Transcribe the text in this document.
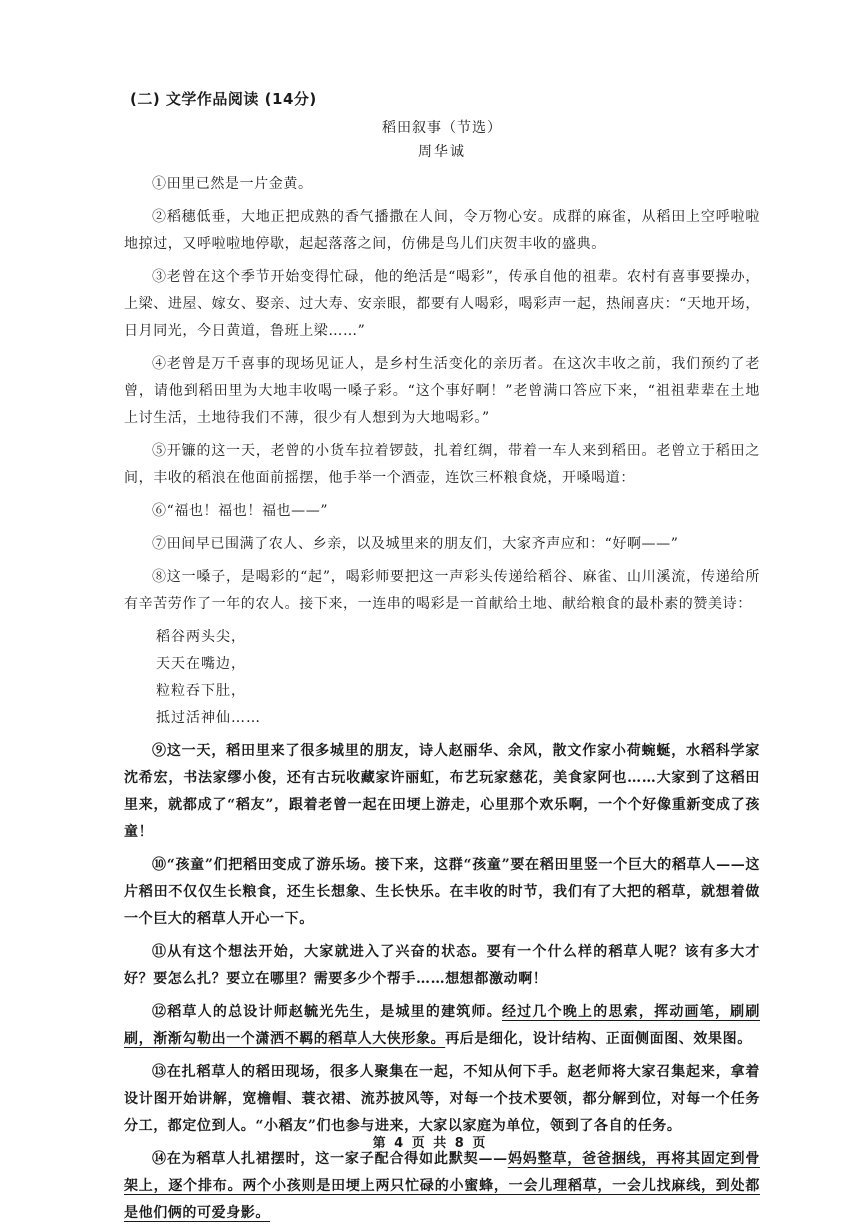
(二) 文学作品阅读 (14分)
稻田叙事（节选）
周华诚

①田里已然是一片金黄。

②稻穗低垂，大地正把成熟的香气播撒在人间，令万物心安。成群的麻雀，从稻田上空呼啦啦地掠过，又呼啦啦地停歇，起起落落之间，仿佛是鸟儿们庆贺丰收的盛典。

③老曾在这个季节开始变得忙碌，他的绝活是“喝彩”，传承自他的祖辈。农村有喜事要操办，上梁、进屋、嫁女、娶亲、过大寿、安亲眼，都要有人喝彩，喝彩声一起，热闹喜庆：“天地开场，日月同光，今日黄道，鲁班上梁……”

④老曾是万千喜事的现场见证人，是乡村生活变化的亲历者。在这次丰收之前，我们预约了老曾，请他到稻田里为大地丰收喝一嗓子彩。“这个事好啊！”老曾满口答应下来，“祖祖辈辈在土地上讨生活，土地待我们不薄，很少有人想到为大地喝彩。”

⑤开镰的这一天，老曾的小货车拉着锣鼓，扎着红绸，带着一车人来到稻田。老曾立于稻田之间，丰收的稻浪在他面前摇摆，他手举一个酒壶，连饮三杯粮食烧，开嗓喝道：

⑥“福也！福也！福也——”

⑦田间早已围满了农人、乡亲，以及城里来的朋友们，大家齐声应和：“好啊——”

⑧这一嗓子，是喝彩的“起”，喝彩师要把这一声彩头传递给稻谷、麻雀、山川溪流，传递给所有辛苦劳作了一年的农人。接下来，一连串的喝彩是一首献给土地、献给粮食的最朴素的赞美诗：

稻谷两头尖，
天天在嘴边，
粒粒吞下肚，
抵过活神仙……

⑨这一天，稻田里来了很多城里的朋友，诗人赵丽华、余风，散文作家小荷蜿蜒，水稻科学家沈希宏，书法家缪小俊，还有古玩收藏家许丽虹，布艺玩家慈花，美食家阿也……大家到了这稻田里来，就都成了“稻友”，跟着老曾一起在田埂上游走，心里那个欢乐啊，一个个好像重新变成了孩童！

⑩“孩童”们把稻田变成了游乐场。接下来，这群“孩童”要在稻田里竖一个巨大的稻草人——这片稻田不仅仅生长粮食，还生长想象、生长快乐。在丰收的时节，我们有了大把的稻草，就想着做一个巨大的稻草人开心一下。

⑪从有这个想法开始，大家就进入了兴奋的状态。要有一个什么样的稻草人呢？该有多大才好？要怎么扎？要立在哪里？需要多少个帮手……想想都激动啊！

⑫稻草人的总设计师赵毓光先生，是城里的建筑师。经过几个晚上的思索，挥动画笔，刷刷刷，渐渐勾勒出一个潇洒不羁的稻草人大侠形象。再后是细化，设计结构、正面侧面图、效果图。

⑬在扎稻草人的稻田现场，很多人聚集在一起，不知从何下手。赵老师将大家召集起来，拿着设计图开始讲解，宽檐帽、蓑衣裙、流苏披风等，对每一个技术要领，都分解到位，对每一个任务分工，都定位到人。“小稻友”们也参与进来，大家以家庭为单位，领到了各自的任务。

⑭在为稻草人扎裙摆时，这一家子配合得如此默契——妈妈整草，爸爸捆线，再将其固定到骨架上，逐个排布。两个小孩则是田埂上两只忙碌的小蜜蜂，一会儿理稻草，一会儿找麻线，到处都是他们俩的可爱身影。

第 4 页 共 8 页
